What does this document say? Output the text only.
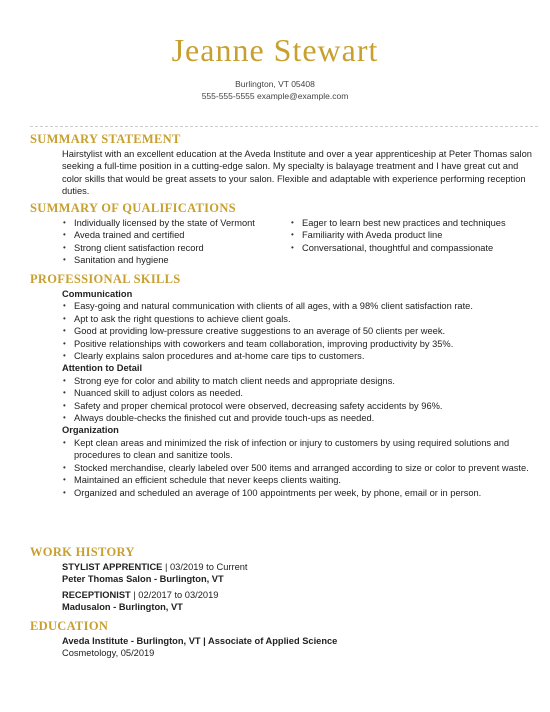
Jeanne Stewart
Burlington, VT 05408
555-555-5555 example@example.com
SUMMARY STATEMENT

Hairstylist with an excellent education at the Aveda Institute and over a year apprenticeship at Peter Thomas salon seeking a full-time position in a cutting-edge salon. My specialty is balayage treatment and I have great cut and color skills that would be great assets to your salon. Flexible and adaptable with experience performing reception duties.

SUMMARY OF QUALIFICATIONS
• Individually licensed by the state of Vermont
• Aveda trained and certified
• Strong client satisfaction record
• Sanitation and hygiene
• Eager to learn best new practices and techniques
• Familiarity with Aveda product line
• Conversational, thoughtful and compassionate
PROFESSIONAL SKILLS
Communication
• Easy-going and natural communication with clients of all ages, with a 98% client satisfaction rate.
• Apt to ask the right questions to achieve client goals.
• Good at providing low-pressure creative suggestions to an average of 50 clients per week.
• Positive relationships with coworkers and team collaboration, improving productivity by 35%.
• Clearly explains salon procedures and at-home care tips to customers.
Attention to Detail
• Strong eye for color and ability to match client needs and appropriate designs.
• Nuanced skill to adjust colors as needed.
• Safety and proper chemical protocol were observed, decreasing safety accidents by 96%.
• Always double-checks the finished cut and provide touch-ups as needed.
Organization
• Kept clean areas and minimized the risk of infection or injury to customers by using required solutions and procedures to clean and sanitize tools.
• Stocked merchandise, clearly labeled over 500 items and arranged according to size or color to prevent waste.
• Maintained an efficient schedule that never keeps clients waiting.
• Organized and scheduled an average of 100 appointments per week, by phone, email or in person.
WORK HISTORY
STYLIST APPRENTICE | 03/2019 to Current
Peter Thomas Salon - Burlington, VT
RECEPTIONIST | 02/2017 to 03/2019
Madusalon - Burlington, VT
EDUCATION
Aveda Institute - Burlington, VT | Associate of Applied Science
Cosmetology, 05/2019
